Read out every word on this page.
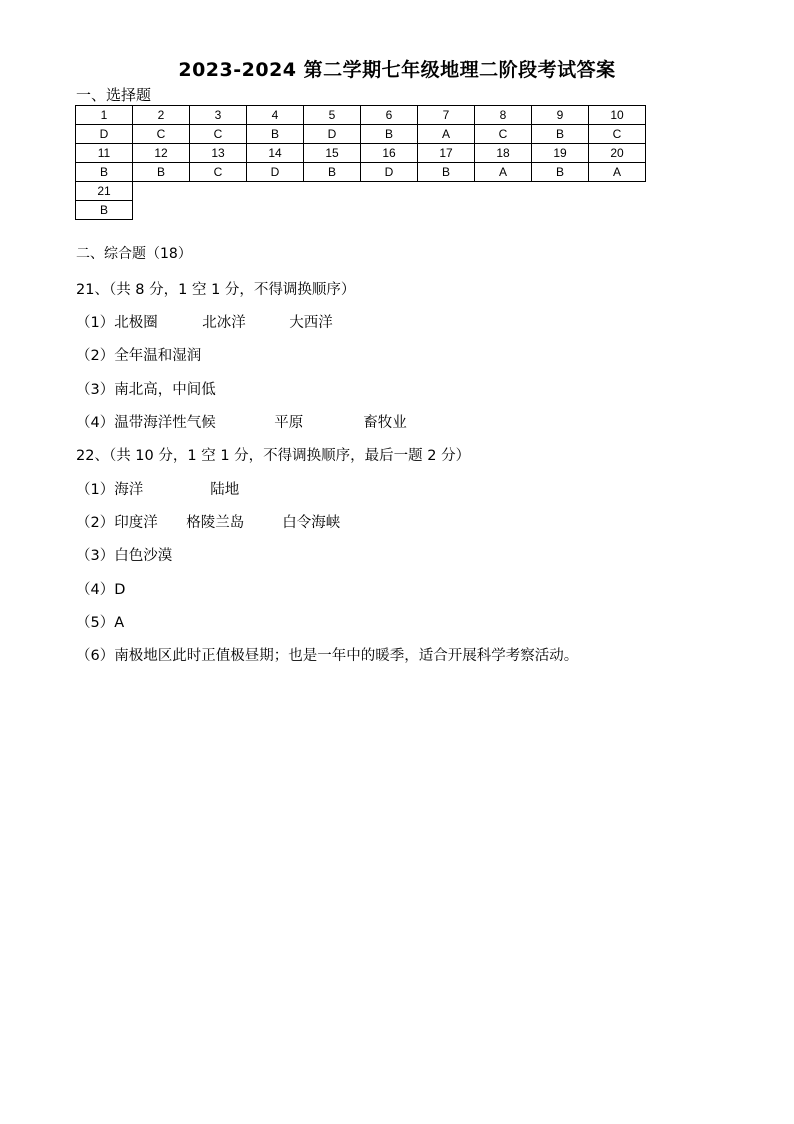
2023-2024 第二学期七年级地理二阶段考试答案
一、选择题
1	2	3	4	5	6	7	8	9	10
D	C	C	B	D	B	A	C	B	C
11	12	13	14	15	16	17	18	19	20
B	B	C	D	B	D	B	A	B	A
21									
B									
二、综合题（18）
21、（共 8 分，1 空 1 分，不得调换顺序）
（1）北极圈	北冰洋	大西洋
（2）全年温和湿润
（3）南北高，中间低
（4）温带海洋性气候	平原	畜牧业
22、（共 10 分，1 空 1 分，不得调换顺序，最后一题 2 分）
（1）海洋	陆地
（2）印度洋 格陵兰岛	白令海峡
（3）白色沙漠
（4）D
（5）A
（6）南极地区此时正值极昼期；也是一年中的暖季，适合开展科学考察活动。
